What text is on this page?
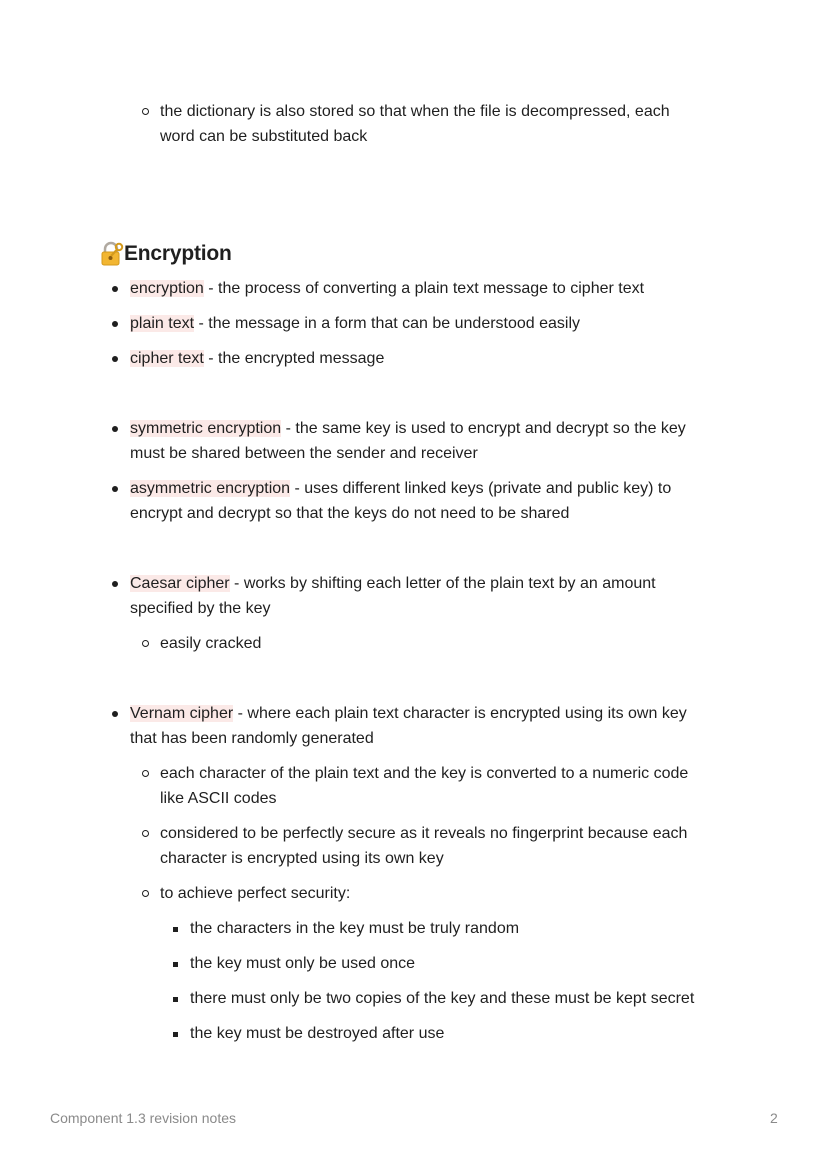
the dictionary is also stored so that when the file is decompressed, each
word can be substituted back
Encryption
encryption - the process of converting a plain text message to cipher text
plain text - the message in a form that can be understood easily
cipher text - the encrypted message
symmetric encryption - the same key is used to encrypt and decrypt so the key
must be shared between the sender and receiver
asymmetric encryption - uses different linked keys (private and public key) to
encrypt and decrypt so that the keys do not need to be shared
Caesar cipher - works by shifting each letter of the plain text by an amount
specified by the key
easily cracked
Vernam cipher - where each plain text character is encrypted using its own key
that has been randomly generated
each character of the plain text and the key is converted to a numeric code
like ASCII codes
considered to be perfectly secure as it reveals no fingerprint because each
character is encrypted using its own key
to achieve perfect security:
the characters in the key must be truly random
the key must only be used once
there must only be two copies of the key and these must be kept secret
the key must be destroyed after use
Component 1.3 revision notes	2
